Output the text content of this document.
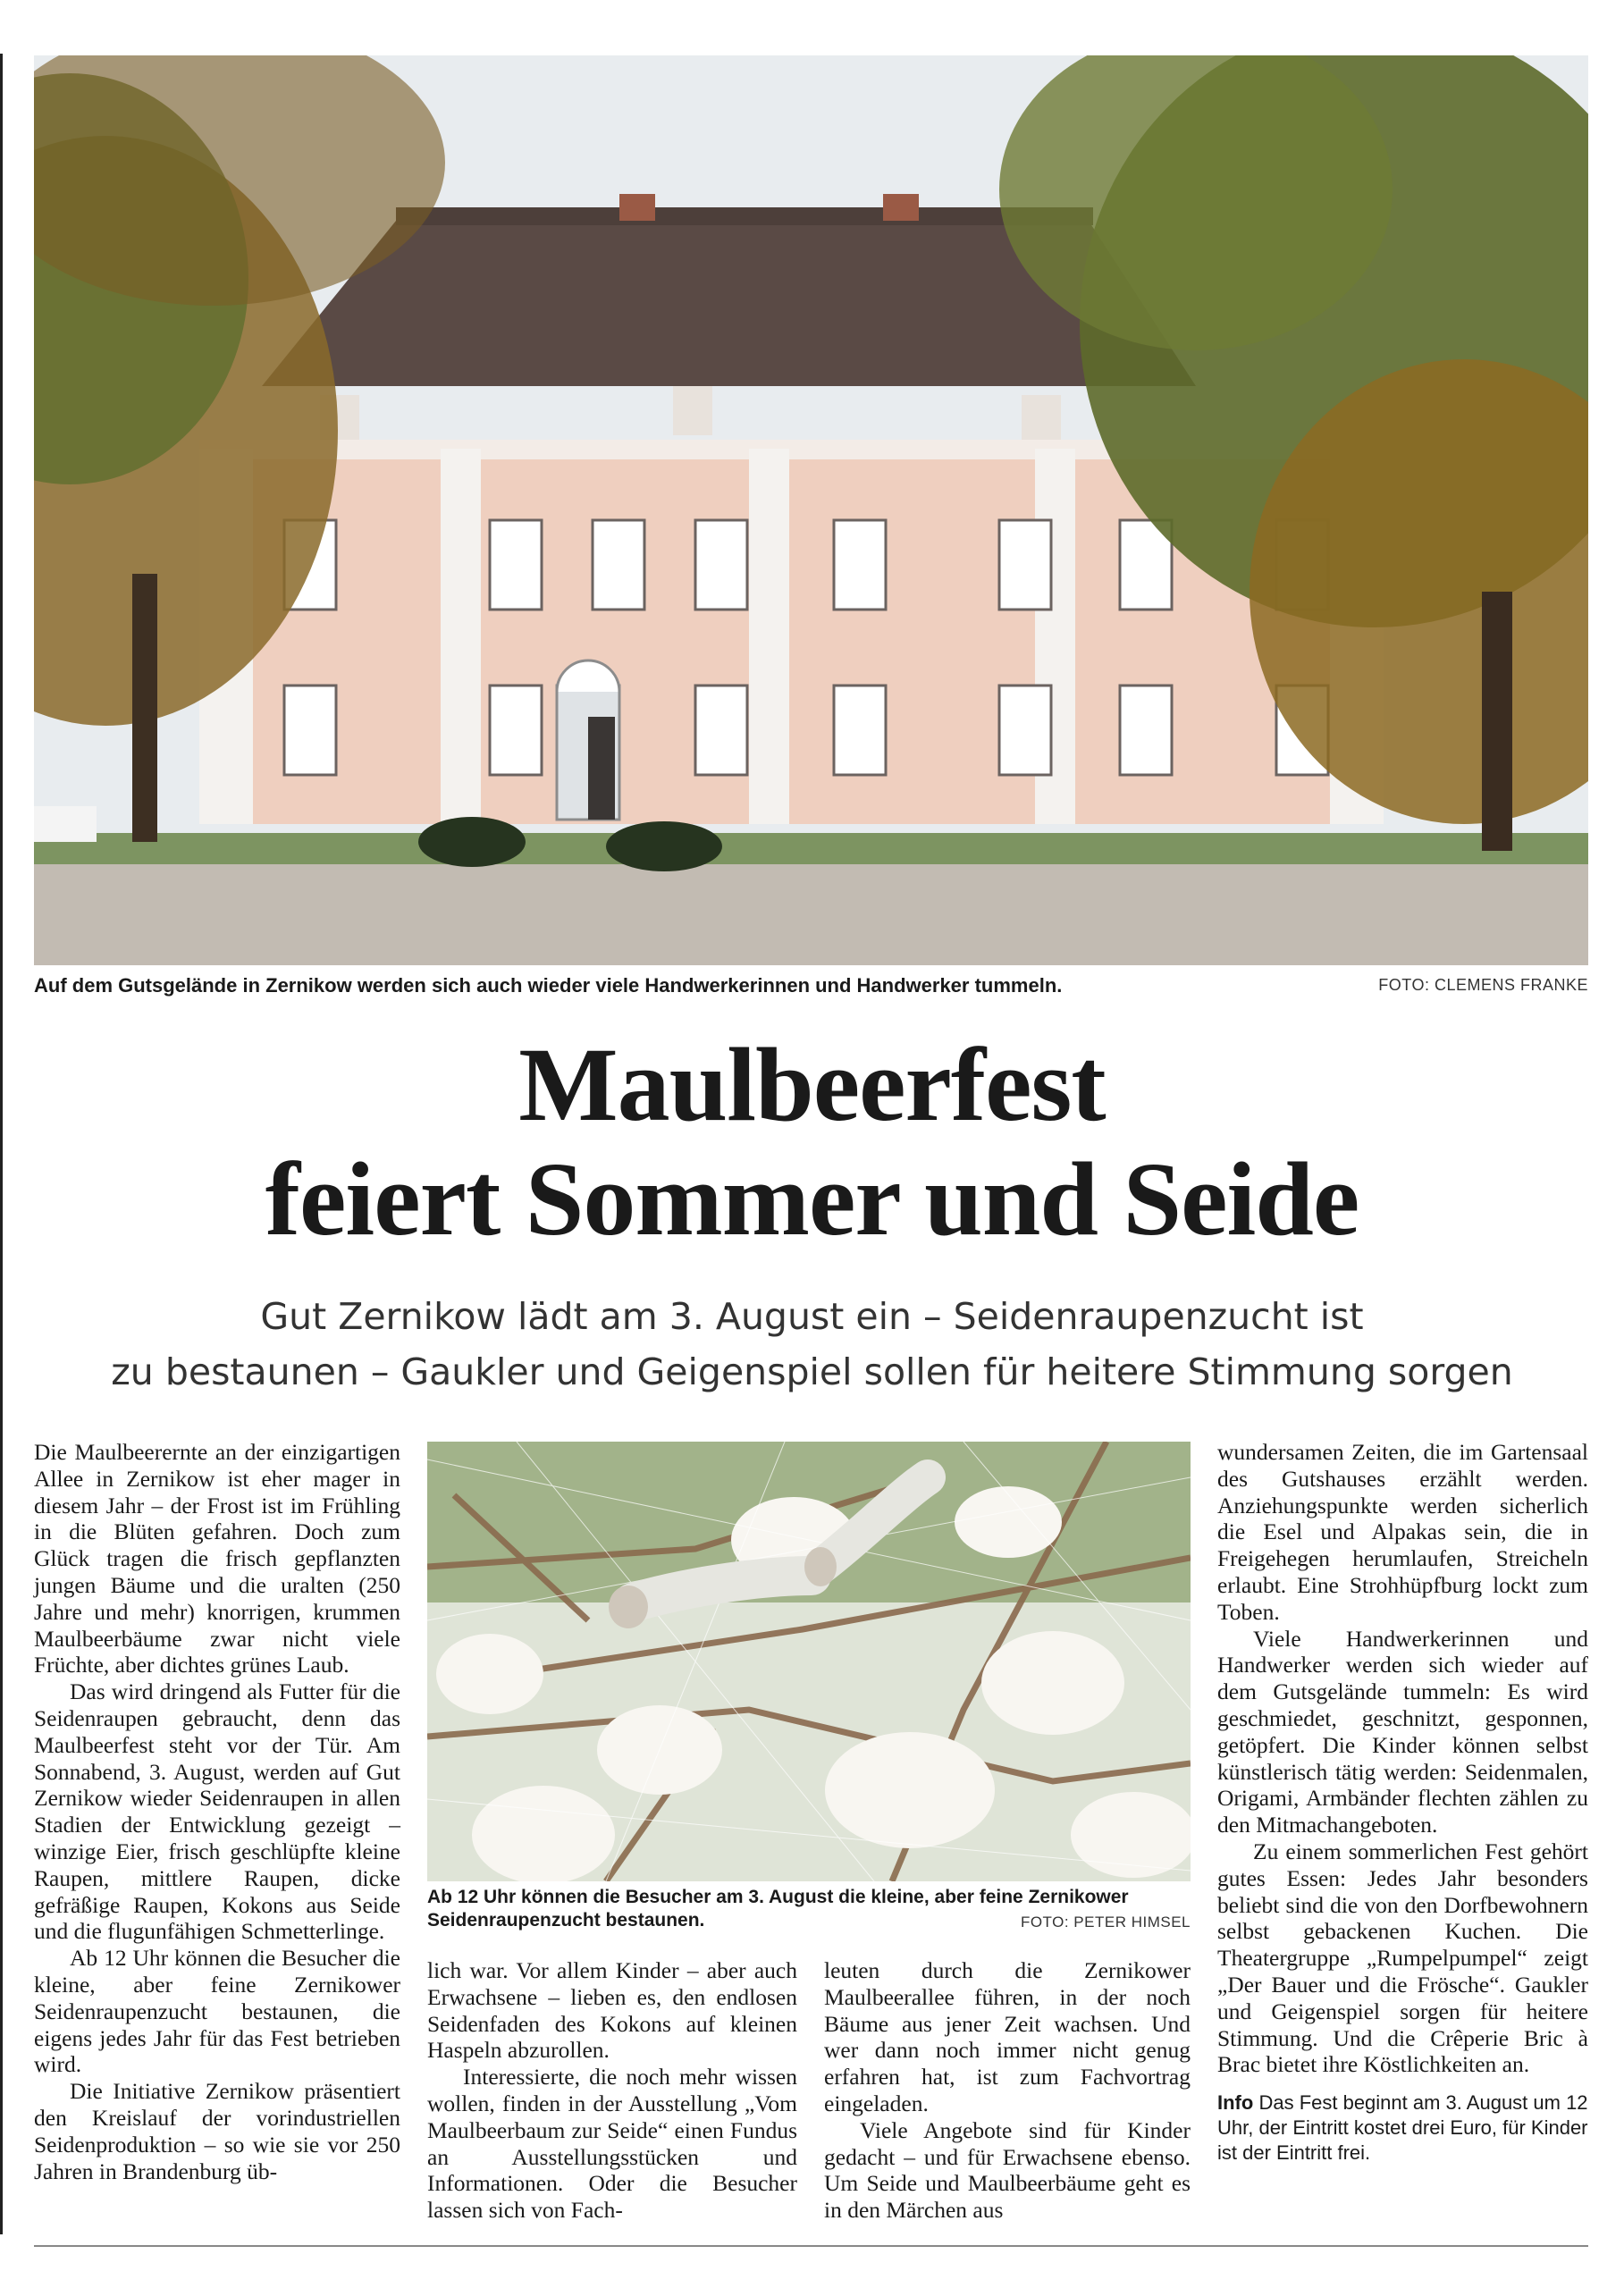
Auf dem Gutsgelände in Zernikow werden sich auch wieder viele Handwerkerinnen und Handwerker tummeln.	FOTO: CLEMENS FRANKE
Maulbeerfest
feiert Sommer und Seide
Gut Zernikow lädt am 3. August ein – Seidenraupenzucht ist
zu bestaunen – Gaukler und Geigenspiel sollen für heitere Stimmung sorgen

Die Maulbeerernte an der einzigartigen Allee in Zernikow ist eher mager in diesem Jahr – der Frost ist im Frühling in die Blüten gefahren. Doch zum Glück tragen die frisch gepflanzten jungen Bäume und die uralten (250 Jahre und mehr) knorrigen, krummen Maulbeerbäume zwar nicht viele Früchte, aber dichtes grünes Laub.

Das wird dringend als Futter für die Seidenraupen gebraucht, denn das Maulbeerfest steht vor der Tür. Am Sonnabend, 3. August, werden auf Gut Zernikow wieder Seidenraupen in allen Stadien der Entwicklung gezeigt – winzige Eier, frisch geschlüpfte kleine Raupen, mittlere Raupen, dicke gefräßige Raupen, Kokons aus Seide und die flugunfähigen Schmetterlinge.

Ab 12 Uhr können die Besucher die kleine, aber feine Zernikower Seidenraupenzucht bestaunen, die eigens jedes Jahr für das Fest betrieben wird.

Die Initiative Zernikow präsentiert den Kreislauf der vorindustriellen Seidenproduktion – so wie sie vor 250 Jahren in Brandenburg üb-

Ab 12 Uhr können die Besucher am 3. August die kleine, aber feine Zernikower Seidenraupenzucht bestaunen.	FOTO: PETER HIMSEL

lich war. Vor allem Kinder – aber auch Erwachsene – lieben es, den endlosen Seidenfaden des Kokons auf kleinen Haspeln abzurollen.

Interessierte, die noch mehr wissen wollen, finden in der Ausstellung „Vom Maulbeerbaum zur Seide“ einen Fundus an Ausstellungsstücken und Informationen. Oder die Besucher lassen sich von Fach-

leuten durch die Zernikower Maulbeerallee führen, in der noch Bäume aus jener Zeit wachsen. Und wer dann noch immer nicht genug erfahren hat, ist zum Fachvortrag eingeladen.

Viele Angebote sind für Kinder gedacht – und für Erwachsene ebenso. Um Seide und Maulbeerbäume geht es in den Märchen aus

wundersamen Zeiten, die im Gartensaal des Gutshauses erzählt werden. Anziehungspunkte werden sicherlich die Esel und Alpakas sein, die in Freigehegen herumlaufen, Streicheln erlaubt. Eine Strohhüpfburg lockt zum Toben.

Viele Handwerkerinnen und Handwerker werden sich wieder auf dem Gutsgelände tummeln: Es wird geschmiedet, geschnitzt, gesponnen, getöpfert. Die Kinder können selbst künstlerisch tätig werden: Seidenmalen, Origami, Armbänder flechten zählen zu den Mitmachangeboten.

Zu einem sommerlichen Fest gehört gutes Essen: Jedes Jahr besonders beliebt sind die von den Dorfbewohnern selbst gebackenen Kuchen. Die Theatergruppe „Rumpelpumpel“ zeigt „Der Bauer und die Frösche“. Gaukler und Geigenspiel sorgen für heitere Stimmung. Und die Crêperie Bric à Brac bietet ihre Köstlichkeiten an.

Info Das Fest beginnt am 3. August um 12 Uhr, der Eintritt kostet drei Euro, für Kinder ist der Eintritt frei.
